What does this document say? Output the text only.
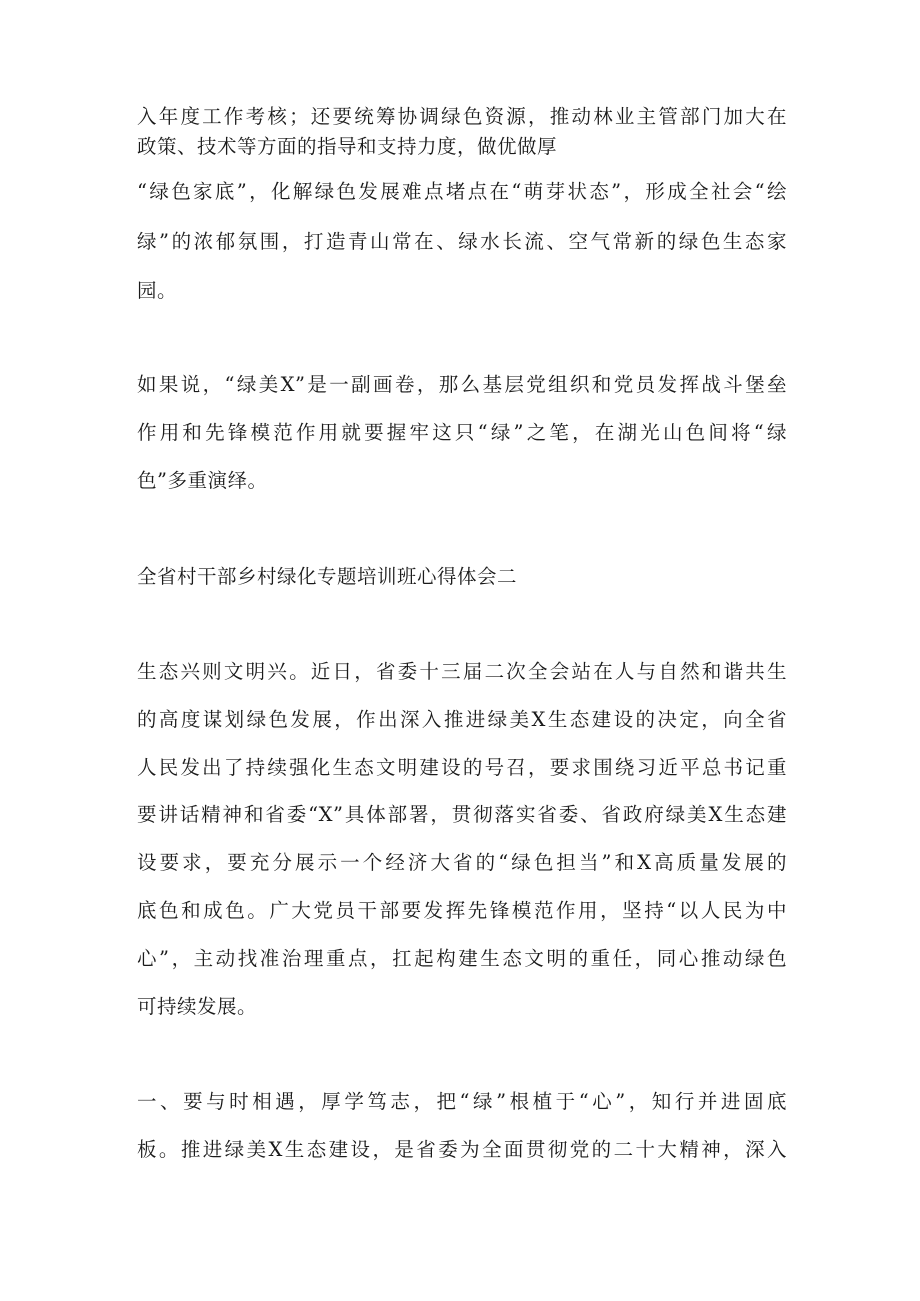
入年度工作考核；还要统筹协调绿色资源，推动林业主管部门加大在
政策、技术等方面的指导和支持力度，做优做厚
“绿色家底”，化解绿色发展难点堵点在“萌芽状态”，形成全社会“绘
绿”的浓郁氛围，打造青山常在、绿水长流、空气常新的绿色生态家
园。
如果说，“绿美X”是一副画卷，那么基层党组织和党员发挥战斗堡垒
作用和先锋模范作用就要握牢这只“绿”之笔，在湖光山色间将“绿
色”多重演绎。
全省村干部乡村绿化专题培训班心得体会二
生态兴则文明兴。近日，省委十三届二次全会站在人与自然和谐共生
的高度谋划绿色发展，作出深入推进绿美X生态建设的决定，向全省
人民发出了持续强化生态文明建设的号召，要求围绕习近平总书记重
要讲话精神和省委“X”具体部署，贯彻落实省委、省政府绿美X生态建
设要求，要充分展示一个经济大省的“绿色担当”和X高质量发展的
底色和成色。广大党员干部要发挥先锋模范作用，坚持“以人民为中
心”，主动找准治理重点，扛起构建生态文明的重任，同心推动绿色
可持续发展。
一、要与时相遇，厚学笃志，把“绿”根植于“心”，知行并进固底
板。推进绿美X生态建设，是省委为全面贯彻党的二十大精神，深入
